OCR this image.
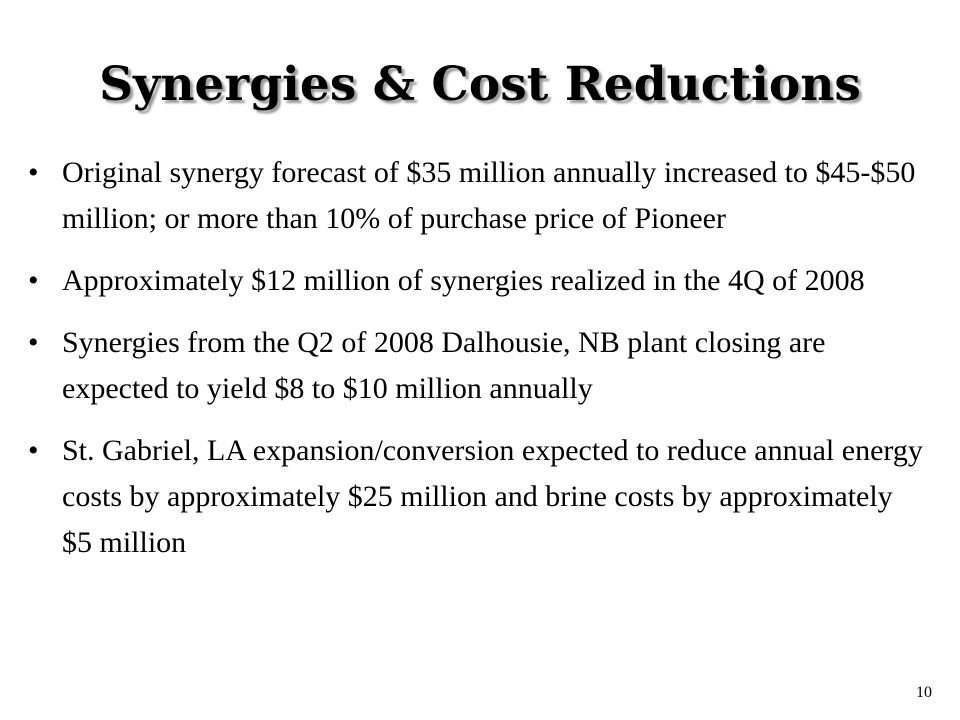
Synergies & Cost Reductions
• Original synergy forecast of $35 million annually increased to $45-$50 million; or more than 10% of purchase price of Pioneer
• Approximately $12 million of synergies realized in the 4Q of 2008
• Synergies from the Q2 of 2008 Dalhousie, NB plant closing are expected to yield $8 to $10 million annually
• St. Gabriel, LA expansion/conversion expected to reduce annual energy costs by approximately $25 million and brine costs by approximately $5 million
10
